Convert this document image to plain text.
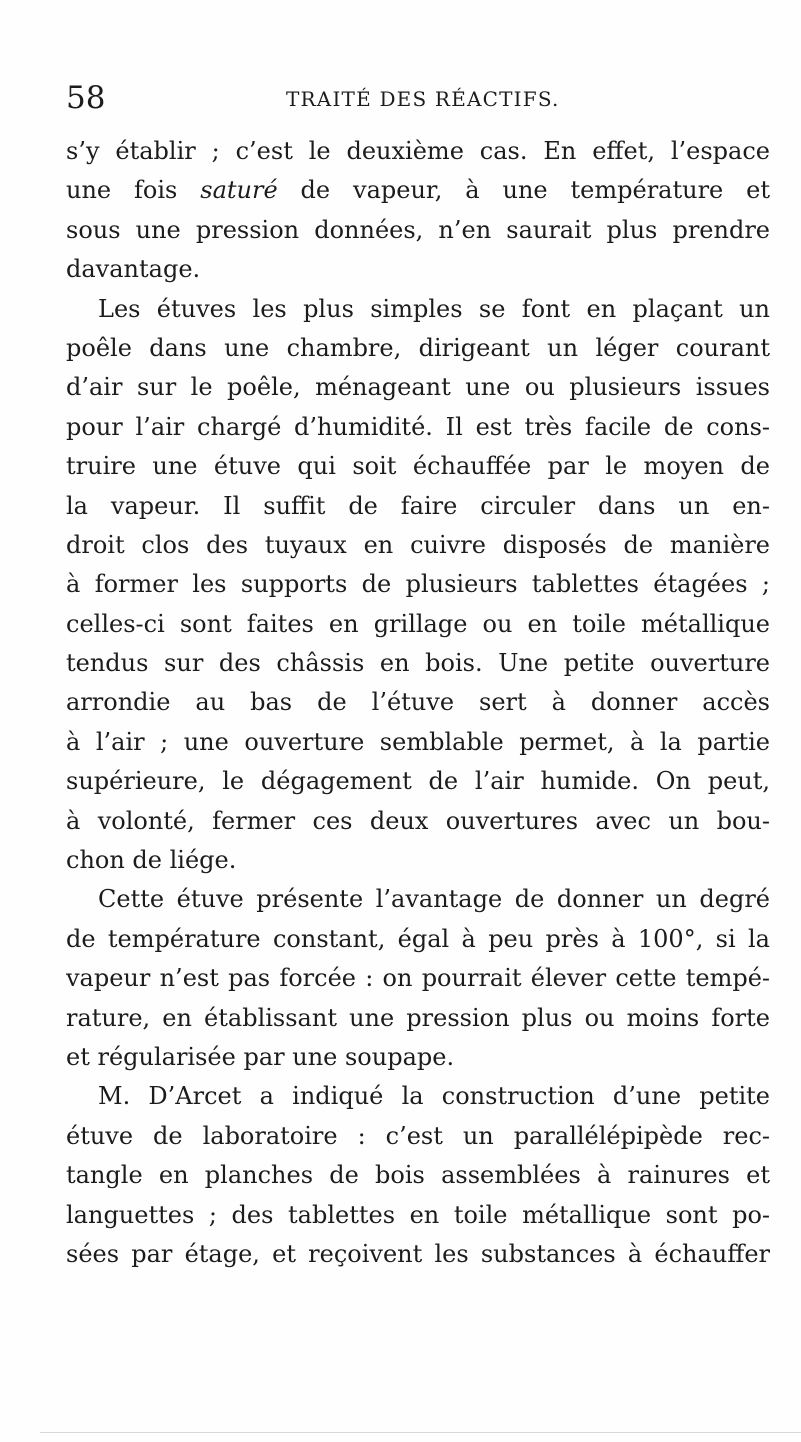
58	TRAITÉ DES RÉACTIFS.
s’y établir ; c’est le deuxième cas. En effet, l’espace
une fois saturé de vapeur, à une température et
sous une pression données, n’en saurait plus prendre
davantage.
Les étuves les plus simples se font en plaçant un
poêle dans une chambre, dirigeant un léger courant
d’air sur le poêle, ménageant une ou plusieurs issues
pour l’air chargé d’humidité. Il est très facile de cons-
truire une étuve qui soit échauffée par le moyen de
la vapeur. Il suffit de faire circuler dans un en-
droit clos des tuyaux en cuivre disposés de manière
à former les supports de plusieurs tablettes étagées ;
celles-ci sont faites en grillage ou en toile métallique
tendus sur des châssis en bois. Une petite ouverture
arrondie au bas de l’étuve sert à donner accès
à l’air ; une ouverture semblable permet, à la partie
supérieure, le dégagement de l’air humide. On peut,
à volonté, fermer ces deux ouvertures avec un bou-
chon de liége.
Cette étuve présente l’avantage de donner un degré
de température constant, égal à peu près à 100°, si la
vapeur n’est pas forcée : on pourrait élever cette tempé-
rature, en établissant une pression plus ou moins forte
et régularisée par une soupape.
M. D’Arcet a indiqué la construction d’une petite
étuve de laboratoire : c’est un parallélépipède rec-
tangle en planches de bois assemblées à rainures et
languettes ; des tablettes en toile métallique sont po-
sées par étage, et reçoivent les substances à échauffer
